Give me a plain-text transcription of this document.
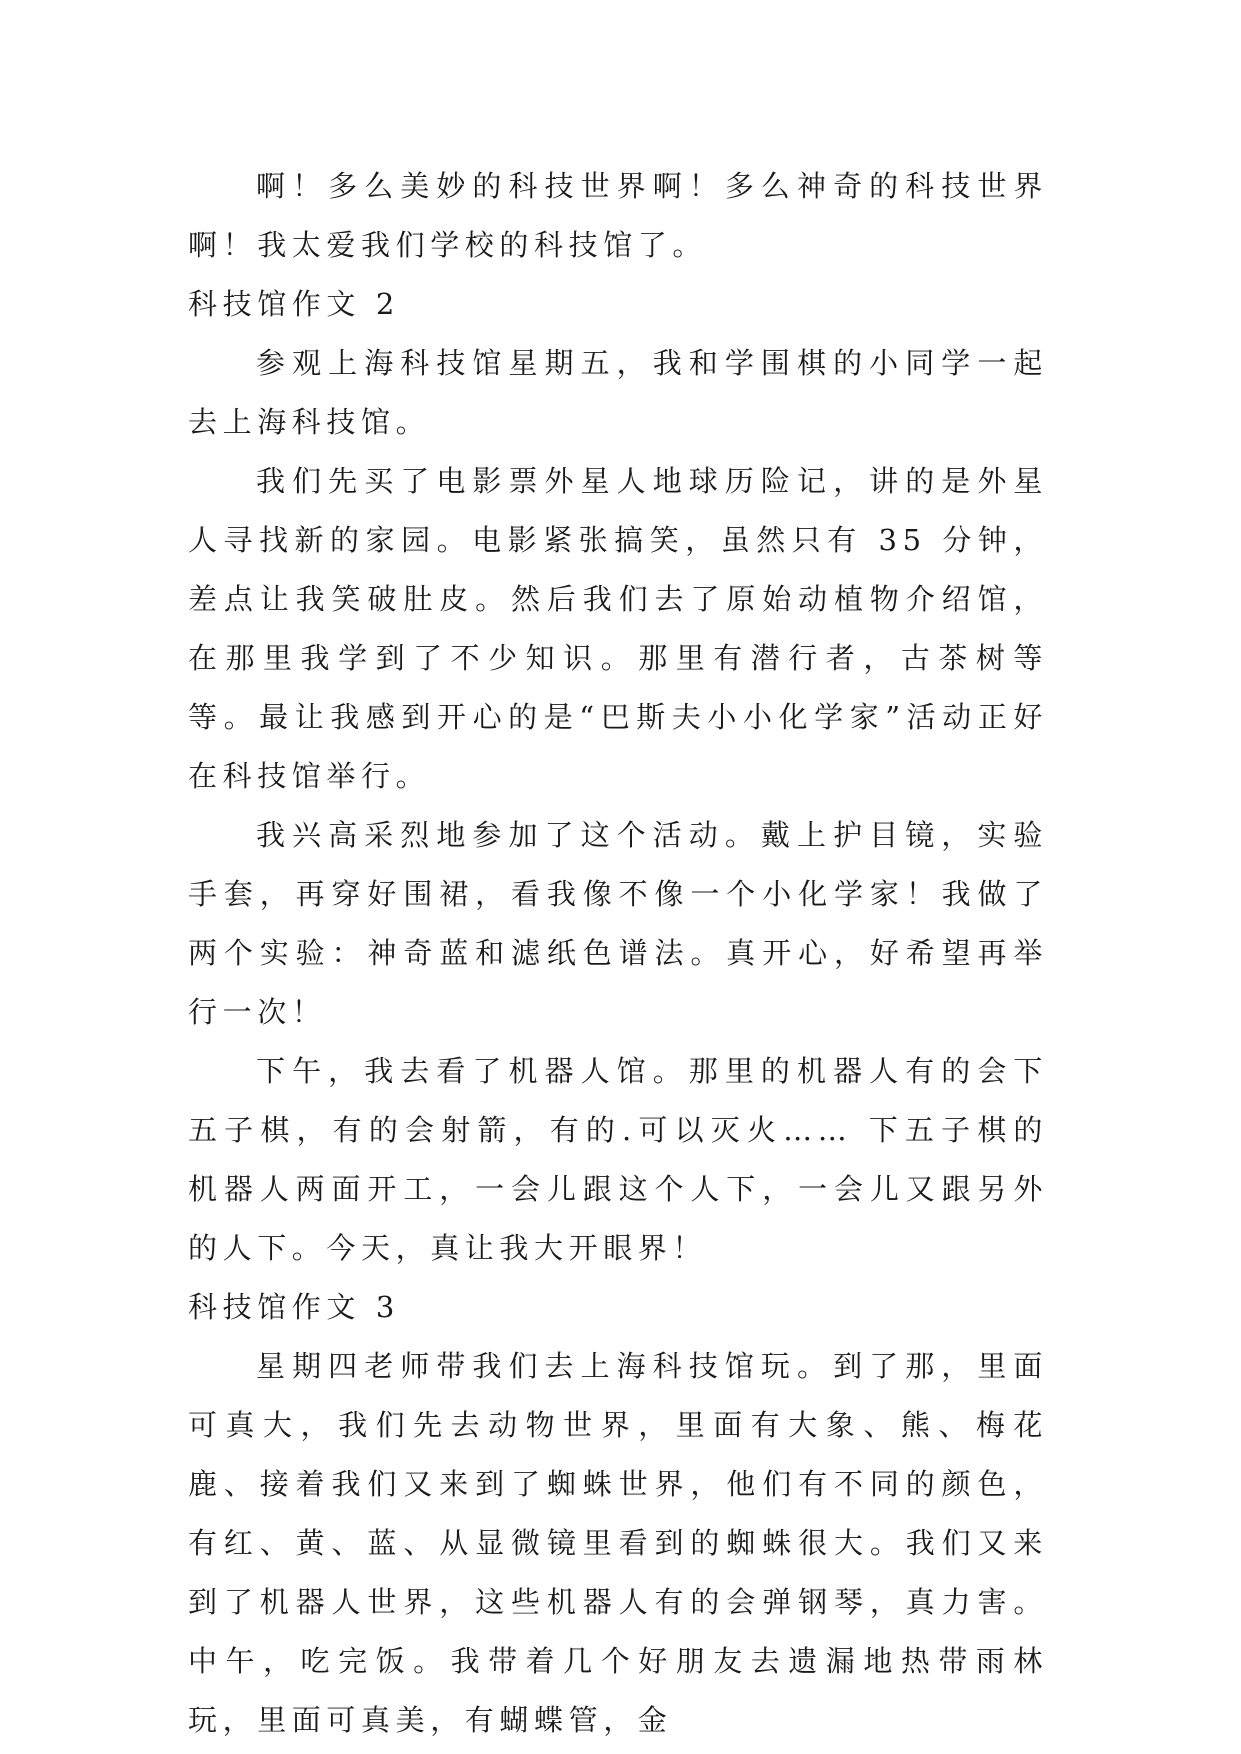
啊！多么美妙的科技世界啊！多么神奇的科技世界啊！我太爱我们学校的科技馆了。

科技馆作文 2

参观上海科技馆星期五，我和学围棋的小同学一起去上海科技馆。

我们先买了电影票外星人地球历险记，讲的是外星人寻找新的家园。电影紧张搞笑，虽然只有 35 分钟，差点让我笑破肚皮。然后我们去了原始动植物介绍馆，在那里我学到了不少知识。那里有潜行者，古茶树等等。最让我感到开心的是“巴斯夫小小化学家”活动正好在科技馆举行。

我兴高采烈地参加了这个活动。戴上护目镜，实验手套，再穿好围裙，看我像不像一个小化学家！我做了两个实验：神奇蓝和滤纸色谱法。真开心，好希望再举行一次！

下午，我去看了机器人馆。那里的机器人有的会下五子棋，有的会射箭，有的.可以灭火…… 下五子棋的机器人两面开工，一会儿跟这个人下，一会儿又跟另外的人下。今天，真让我大开眼界！

科技馆作文 3

星期四老师带我们去上海科技馆玩。到了那，里面可真大，我们先去动物世界，里面有大象、熊、梅花鹿、接着我们又来到了蜘蛛世界，他们有不同的颜色，有红、黄、蓝、从显微镜里看到的蜘蛛很大。我们又来到了机器人世界，这些机器人有的会弹钢琴，真力害。中午，吃完饭。我带着几个好朋友去遗漏地热带雨林玩，里面可真美，有蝴蝶管，金
